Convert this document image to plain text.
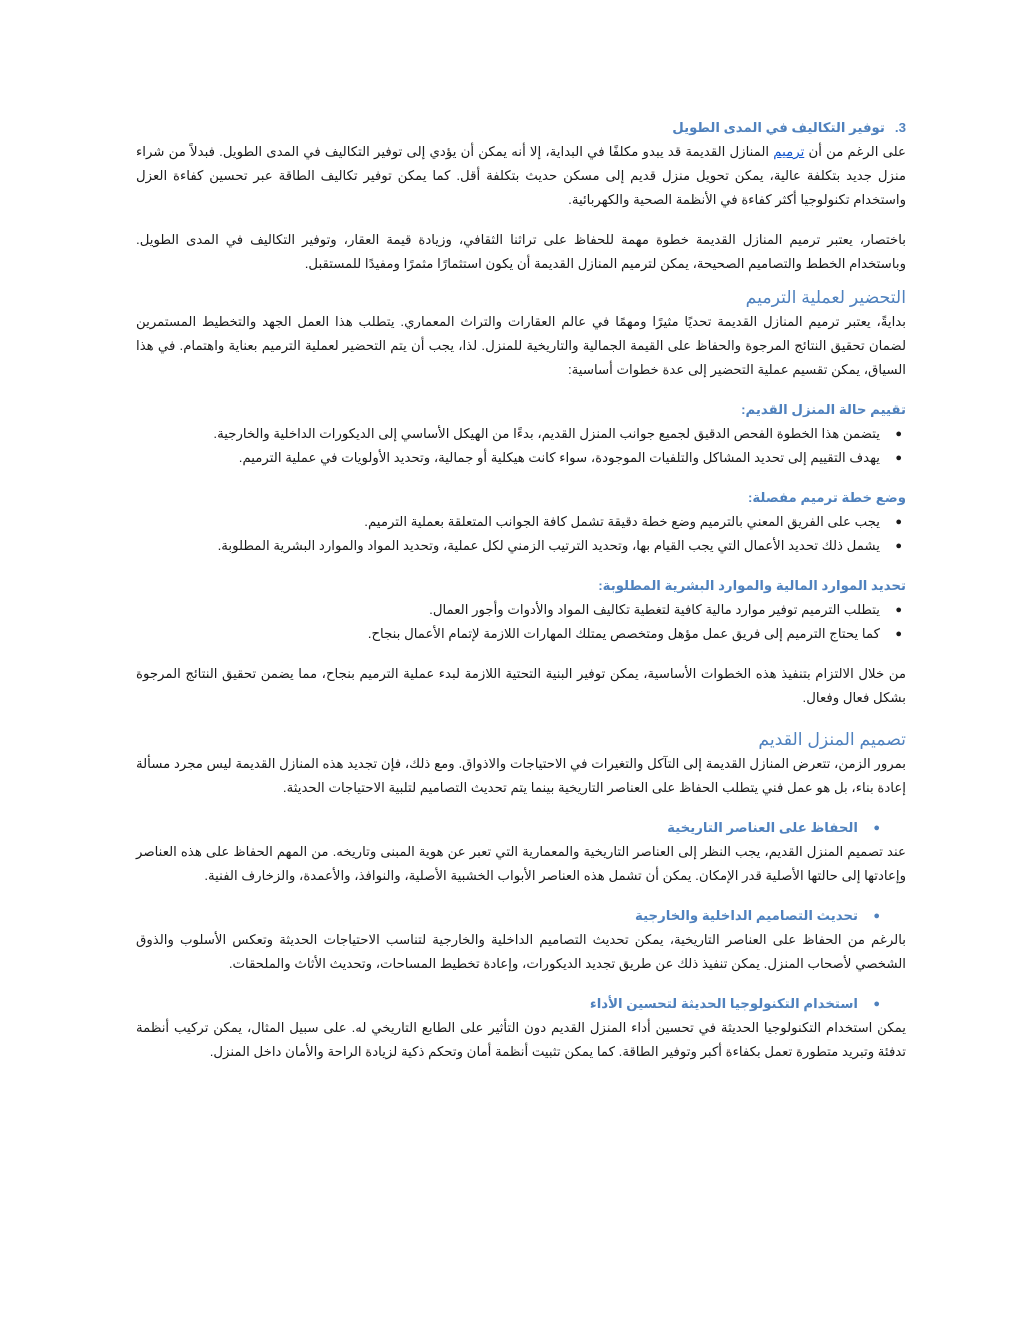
3.توفير التكاليف في المدى الطويل

على الرغم من أن ترميم المنازل القديمة قد يبدو مكلفًا في البداية، إلا أنه يمكن أن يؤدي إلى توفير التكاليف في المدى الطويل. فبدلاً من شراء منزل جديد بتكلفة عالية، يمكن تحويل منزل قديم إلى مسكن حديث بتكلفة أقل. كما يمكن توفير تكاليف الطاقة عبر تحسين كفاءة العزل واستخدام تكنولوجيا أكثر كفاءة في الأنظمة الصحية والكهربائية.

باختصار، يعتبر ترميم المنازل القديمة خطوة مهمة للحفاظ على تراثنا الثقافي، وزيادة قيمة العقار، وتوفير التكاليف في المدى الطويل. وباستخدام الخطط والتصاميم الصحيحة، يمكن لترميم المنازل القديمة أن يكون استثمارًا مثمرًا ومفيدًا للمستقبل.

التحضير لعملية الترميم

بدايةً، يعتبر ترميم المنازل القديمة تحديًا مثيرًا ومهمًا في عالم العقارات والتراث المعماري. يتطلب هذا العمل الجهد والتخطيط المستمرين لضمان تحقيق النتائج المرجوة والحفاظ على القيمة الجمالية والتاريخية للمنزل. لذا، يجب أن يتم التحضير لعملية الترميم بعناية واهتمام. في هذا السياق، يمكن تقسيم عملية التحضير إلى عدة خطوات أساسية:

تقييم حالة المنزل القديم:
●
يتضمن هذا الخطوة الفحص الدقيق لجميع جوانب المنزل القديم، بدءًا من الهيكل الأساسي إلى الديكورات الداخلية والخارجية.
●
يهدف التقييم إلى تحديد المشاكل والتلفيات الموجودة، سواء كانت هيكلية أو جمالية، وتحديد الأولويات في عملية الترميم.
وضع خطة ترميم مفصلة:
●
يجب على الفريق المعني بالترميم وضع خطة دقيقة تشمل كافة الجوانب المتعلقة بعملية الترميم.
●
يشمل ذلك تحديد الأعمال التي يجب القيام بها، وتحديد الترتيب الزمني لكل عملية، وتحديد المواد والموارد البشرية المطلوبة.
تحديد الموارد المالية والموارد البشرية المطلوبة:
●
يتطلب الترميم توفير موارد مالية كافية لتغطية تكاليف المواد والأدوات وأجور العمال.
●
كما يحتاج الترميم إلى فريق عمل مؤهل ومتخصص يمتلك المهارات اللازمة لإتمام الأعمال بنجاح.

من خلال الالتزام بتنفيذ هذه الخطوات الأساسية، يمكن توفير البنية التحتية اللازمة لبدء عملية الترميم بنجاح، مما يضمن تحقيق النتائج المرجوة بشكل فعال وفعال.

تصميم المنزل القديم

بمرور الزمن، تتعرض المنازل القديمة إلى التآكل والتغيرات في الاحتياجات والاذواق. ومع ذلك، فإن تجديد هذه المنازل القديمة ليس مجرد مسألة إعادة بناء، بل هو عمل فني يتطلب الحفاظ على العناصر التاريخية بينما يتم تحديث التصاميم لتلبية الاحتياجات الحديثة.

●
الحفاظ على العناصر التاريخية

عند تصميم المنزل القديم، يجب النظر إلى العناصر التاريخية والمعمارية التي تعبر عن هوية المبنى وتاريخه. من المهم الحفاظ على هذه العناصر وإعادتها إلى حالتها الأصلية قدر الإمكان. يمكن أن تشمل هذه العناصر الأبواب الخشبية الأصلية، والنوافذ، والأعمدة، والزخارف الفنية.

●
تحديث التصاميم الداخلية والخارجية

بالرغم من الحفاظ على العناصر التاريخية، يمكن تحديث التصاميم الداخلية والخارجية لتناسب الاحتياجات الحديثة وتعكس الأسلوب والذوق الشخصي لأصحاب المنزل. يمكن تنفيذ ذلك عن طريق تجديد الديكورات، وإعادة تخطيط المساحات، وتحديث الأثاث والملحقات.

●
استخدام التكنولوجيا الحديثة لتحسين الأداء

يمكن استخدام التكنولوجيا الحديثة في تحسين أداء المنزل القديم دون التأثير على الطابع التاريخي له. على سبيل المثال، يمكن تركيب أنظمة تدفئة وتبريد متطورة تعمل بكفاءة أكبر وتوفير الطاقة. كما يمكن تثبيت أنظمة أمان وتحكم ذكية لزيادة الراحة والأمان داخل المنزل.
